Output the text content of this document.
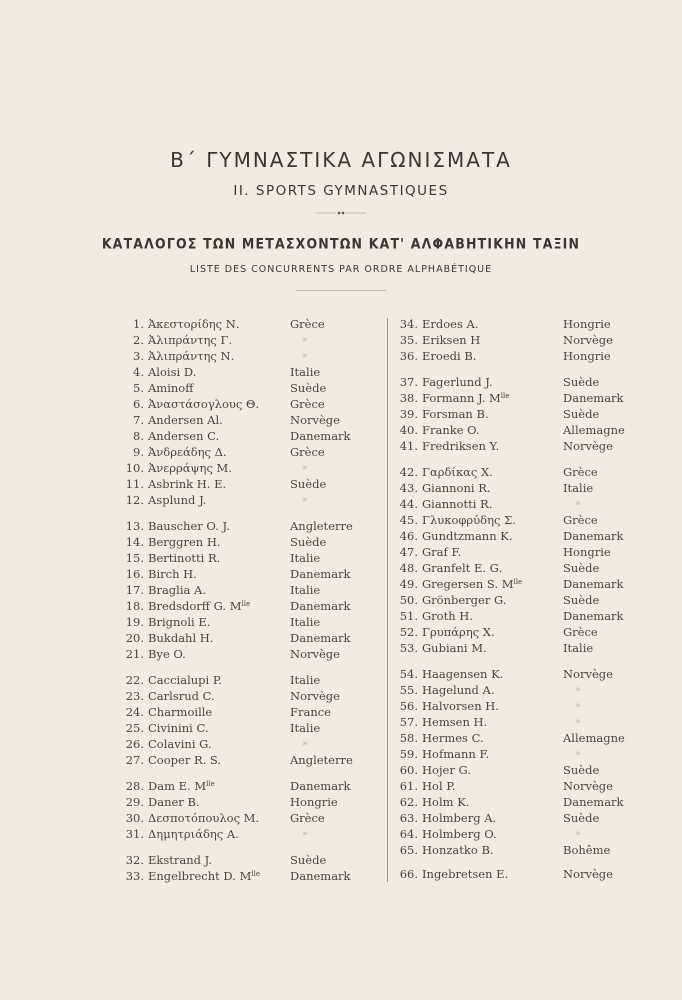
Β΄ ΓΥΜΝΑΣΤΙΚΑ ΑΓΩΝΙΣΜΑΤΑ
II. SPORTS GYMNASTIQUES
ΚΑΤΑΛΟΓΟΣ ΤΩΝ ΜΕΤΑΣΧΟΝΤΩΝ ΚΑΤ' ΑΛΦΑΒΗΤΙΚΗΝ ΤΑΞΙΝ
LISTE DES CONCURRENTS PAR ORDRE ALPHABÉTIQUE
1. Ἀκεστορίδης Ν.	Grèce
2. Ἀλιπράντης Γ.	»
3. Ἀλιπράντης Ν.	»
4. Aloisi D.	Italie
5. Aminoff	Suède
6. Ἀναστάσογλους Θ.	Grèce
7. Andersen Al.	Norvège
8. Andersen C.	Danemark
9. Ἀνδρεάδης Δ.	Grèce
10. Ἀνερράψης Μ.	»
11. Asbrink H. E.	Suède
12. Asplund J.	»
13. Bauscher O. J.	Angleterre
14. Berggren H.	Suède
15. Bertinotti R.	Italie
16. Birch H.	Danemark
17. Braglia A.	Italie
18. Bredsdorff G. $M^{lle}$	Danemark
19. Brignoli E.	Italie
20. Bukdahl H.	Danemark
21. Bye O.	Norvège
22. Caccialupi P.	Italie
23. Carlsrud C.	Norvège
24. Charmoille	France
25. Civinini C.	Italie
26. Colavini G.	»
27. Cooper R. S.	Angleterre
28. Dam E. $M^{lle}$	Danemark
29. Daner B.	Hongrie
30. Δεσποτόπουλος Μ.	Grèce
31. Δημητριάδης Α.	»
32. Ekstrand J.	Suède
33. Engelbrecht D. $M^{lle}$	Danemark
34. Erdoes A.	Hongrie
35. Eriksen H	Norvège
36. Eroedi B.	Hongrie
37. Fagerlund J.	Suède
38. Formann J. $M^{lle}$	Danemark
39. Forsman B.	Suède
40. Franke O.	Allemagne
41. Fredriksen Y.	Norvège
42. Γαρδίκας Χ.	Grèce
43. Giannoni R.	Italie
44. Giannotti R.	»
45. Γλυκοφρύδης Σ.	Grèce
46. Gundtzmann K.	Danemark
47. Graf F.	Hongrie
48. Granfelt E. G.	Suède
49. Gregersen S. $M^{lle}$	Danemark
50. Grönberger G.	Suède
51. Groth H.	Danemark
52. Γρυπάρης Χ.	Grèce
53. Gubiani M.	Italie
54. Haagensen K.	Norvège
55. Hagelund A.	»
56. Halvorsen H.	»
57. Hemsen H.	»
58. Hermes C.	Allemagne
59. Hofmann F.	»
60. Hojer G.	Suède
61. Hol P.	Norvège
62. Holm K.	Danemark
63. Holmberg A.	Suède
64. Holmberg O.	»
65. Honzatko B.	Bohême
66. Ingebretsen E.	Norvège
